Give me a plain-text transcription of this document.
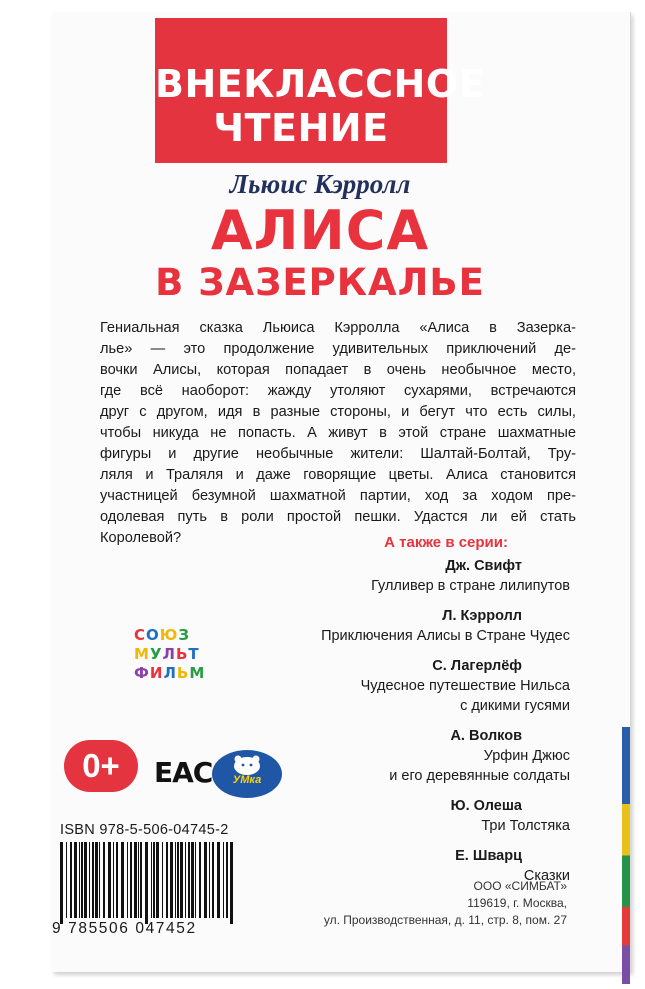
ВНЕКЛАССНОЕ
ЧТЕНИЕ
Льюис Кэрролл
АЛИСА
В ЗАЗЕРКАЛЬЕ
Гениальная сказка Льюиса Кэрролла «Алиса в Зазерка-
лье» — это продолжение удивительных приключений де-
вочки Алисы, которая попадает в очень необычное место,
где всё наоборот: жажду утоляют сухарями, встречаются
друг с другом, идя в разные стороны, и бегут что есть силы,
чтобы никуда не попасть. А живут в этой стране шахматные
фигуры и другие необычные жители: Шалтай-Болтай, Тру-
ляля и Траляля и даже говорящие цветы. Алиса становится
участницей безумной шахматной партии, ход за ходом пре-
одолевая путь в роли простой пешки. Удастся ли ей стать
Королевой?	А также в серии:
Дж. Свифт
Гулливер в стране лилипутов
Л. Кэрролл
Приключения Алисы в Стране Чудес
С. Лагерлёф
Чудесное путешествие Нильса
с дикими гусями
А. Волков
Урфин Джюс
и его деревянные солдаты
Ю. Олеша
Три Толстяка
Е. Шварц
Сказки
СОЮЗ
МУЛЬТ
ФИЛЬМ
0+	EAC	УМка
ISBN 978-5-506-04745-2
9 785506 047452
ООО «СИМБАТ»
119619, г. Москва,
ул. Производственная, д. 11, стр. 8, пом. 27
